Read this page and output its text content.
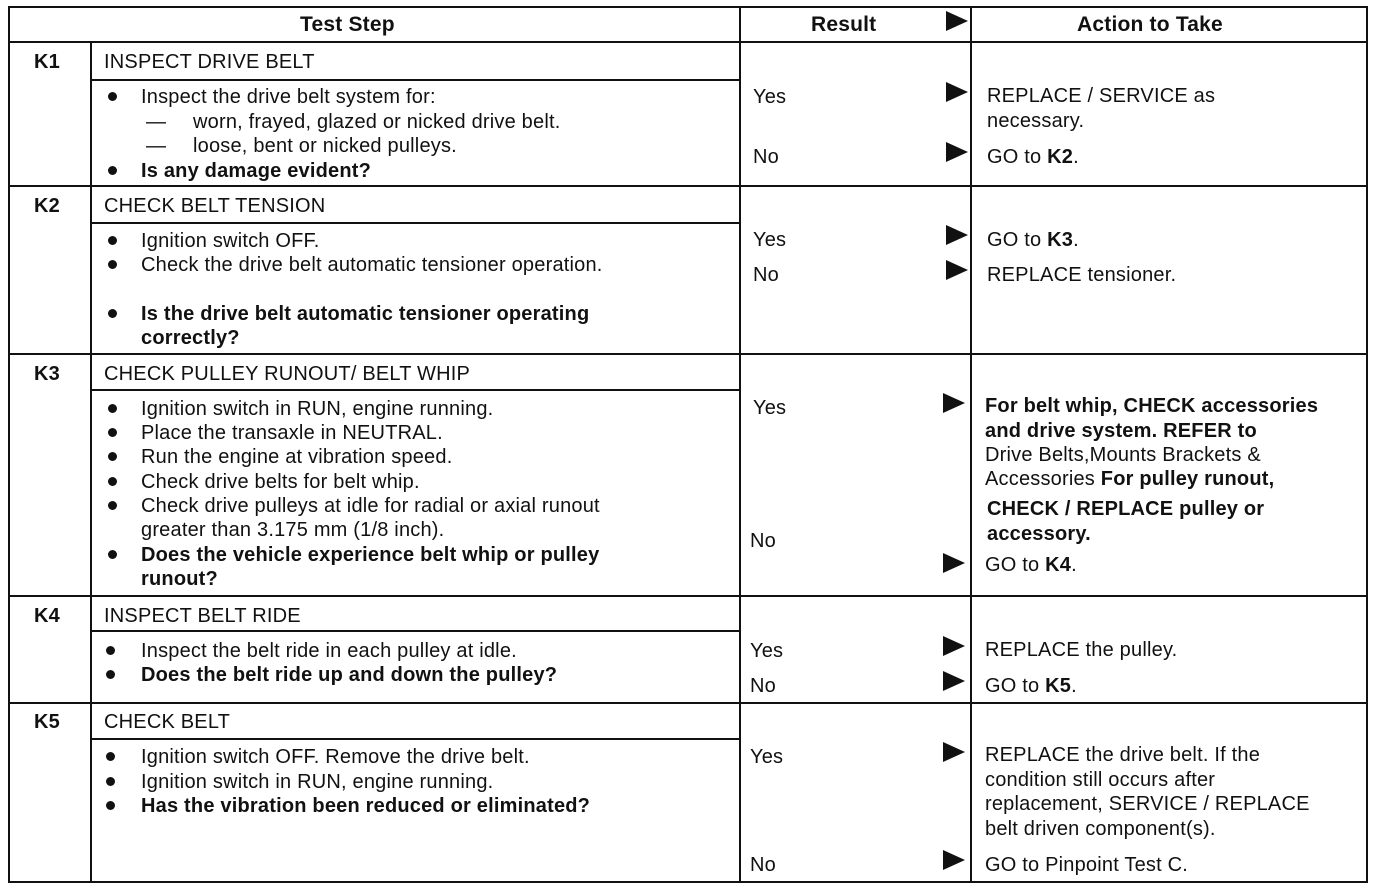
Test Step	Result	Action to Take
K1 INSPECT DRIVE BELT
Inspect the drive belt system for:
— worn, frayed, glazed or nicked drive belt.
— loose, bent or nicked pulleys.
Is any damage evident?
Yes
No
REPLACE / SERVICE as
necessary.
GO to K2.
K2 CHECK BELT TENSION
Ignition switch OFF.
Check the drive belt automatic tensioner operation.
Is the drive belt automatic tensioner operating
correctly?
Yes
No
GO to K3.
REPLACE tensioner.
K3 CHECK PULLEY RUNOUT/ BELT WHIP
Ignition switch in RUN, engine running.
Place the transaxle in NEUTRAL.
Run the engine at vibration speed.
Check drive belts for belt whip.
Check drive pulleys at idle for radial or axial runout
greater than 3.175 mm (1/8 inch).
Does the vehicle experience belt whip or pulley
runout?
Yes
No
For belt whip, CHECK accessories
and drive system. REFER to
Drive Belts,Mounts Brackets &
Accessories For pulley runout,
CHECK / REPLACE pulley or
accessory.
GO to K4.
K4 INSPECT BELT RIDE
Inspect the belt ride in each pulley at idle.
Does the belt ride up and down the pulley?
Yes
No
REPLACE the pulley.
GO to K5.
K5 CHECK BELT
Ignition switch OFF. Remove the drive belt.
Ignition switch in RUN, engine running.
Has the vibration been reduced or eliminated?
Yes
No
REPLACE the drive belt. If the
condition still occurs after
replacement, SERVICE / REPLACE
belt driven component(s).
GO to Pinpoint Test C.
